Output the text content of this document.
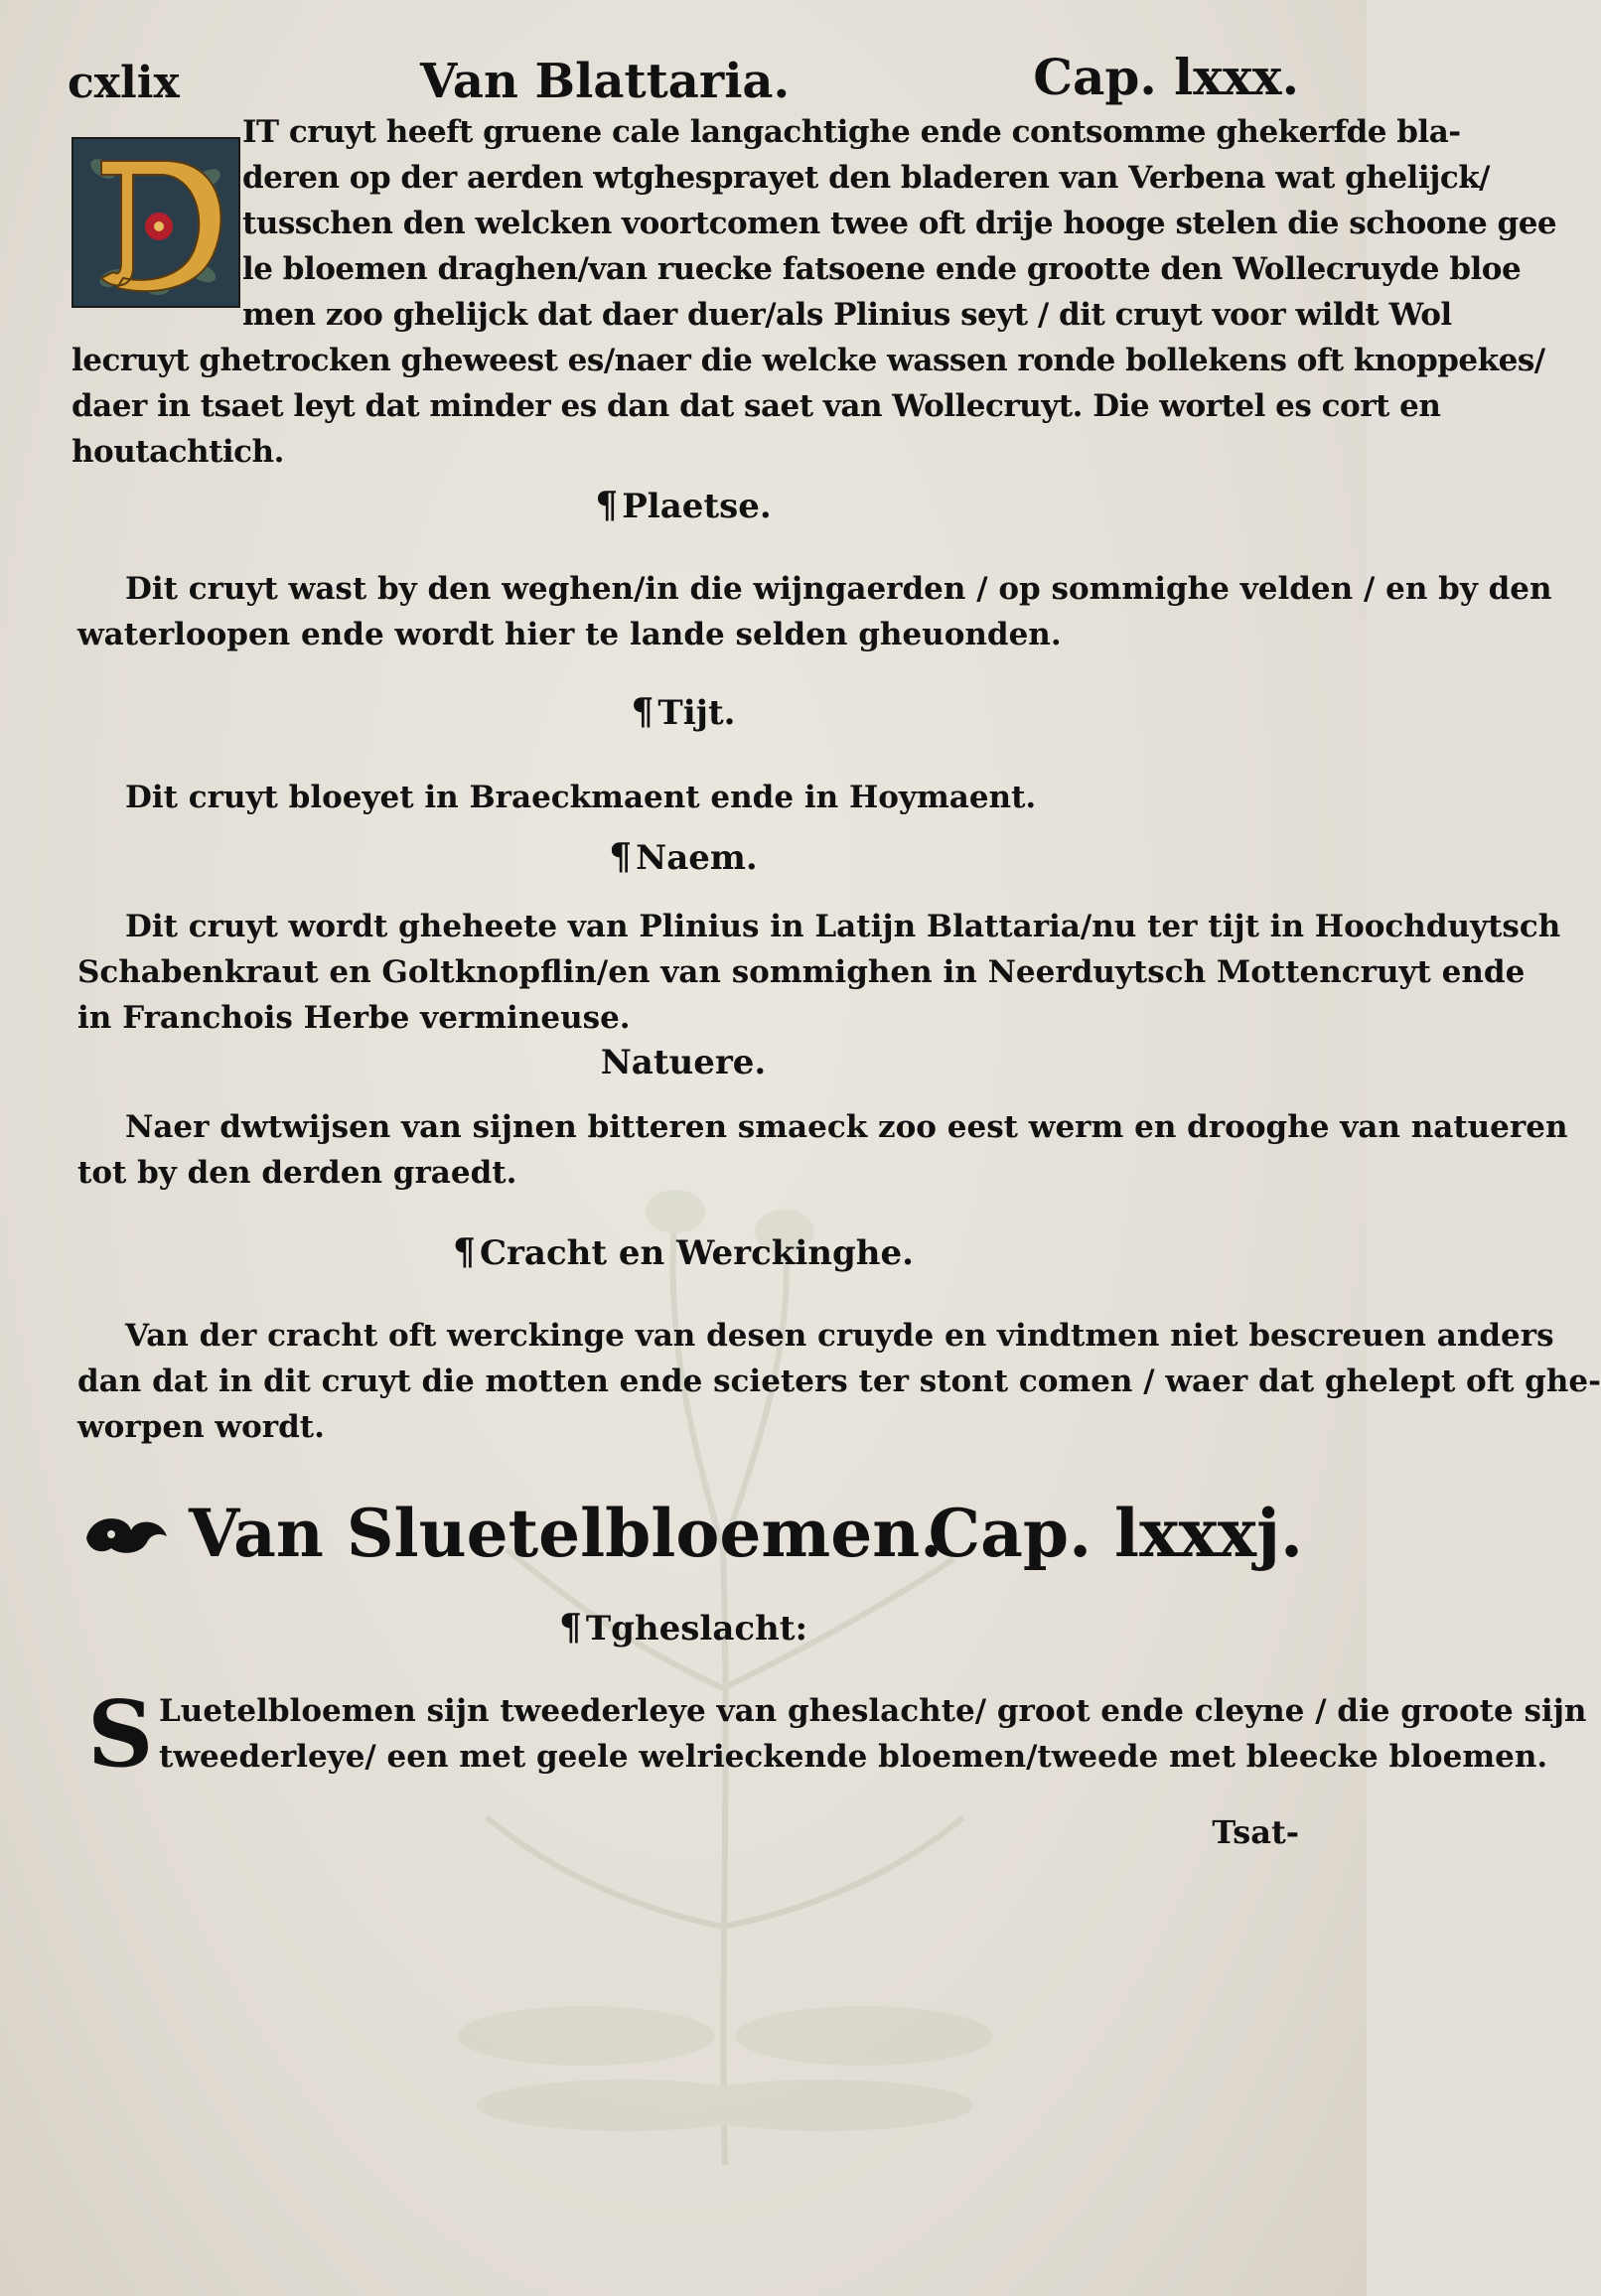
cxlix	Van Blattaria.	Cap. lxxx.
IT cruyt heeft gruene cale langachtighe ende contsomme ghekerfde bla-
deren op der aerden wtghesprayet den bladeren van Verbena wat ghelijck/
tusschen den welcken voortcomen twee oft drije hooge stelen die schoone gee
le bloemen draghen/van ruecke fatsoene ende grootte den Wollecruyde bloe
men zoo ghelijck dat daer duer/als Plinius seyt / dit cruyt voor wildt Wol
lecruyt ghetrocken gheweest es/naer die welcke wassen ronde bollekens oft knoppekes/
daer in tsaet leyt dat minder es dan dat saet van Wollecruyt. Die wortel es cort en
houtachtich.
¶ Plaetse.
Dit cruyt wast by den weghen/in die wijngaerden / op sommighe velden / en by den
waterloopen ende wordt hier te lande selden gheuonden.
¶ Tijt.
Dit cruyt bloeyet in Braeckmaent ende in Hoymaent.
¶ Naem.
Dit cruyt wordt gheheete van Plinius in Latijn Blattaria/nu ter tijt in Hoochduytsch
Schabenkraut en Goltknopflin/en van sommighen in Neerduytsch Mottencruyt ende
in Franchois Herbe vermineuse.
Natuere.
Naer dwtwijsen van sijnen bitteren smaeck zoo eest werm en drooghe van natueren
tot by den derden graedt.
¶ Cracht en Werckinghe.
Van der cracht oft werckinge van desen cruyde en vindtmen niet bescreuen anders
dan dat in dit cruyt die motten ende scieters ter stont comen / waer dat ghelept oft ghe-
worpen wordt.
Van Sluetelbloemen.
Cap. lxxxj.
¶ Tgheslacht:
S Luetelbloemen sijn tweederleye van gheslachte/ groot ende cleyne / die groote sijn
tweederleye/ een met geele welrieckende bloemen/tweede met bleecke bloemen.
Tsat-
